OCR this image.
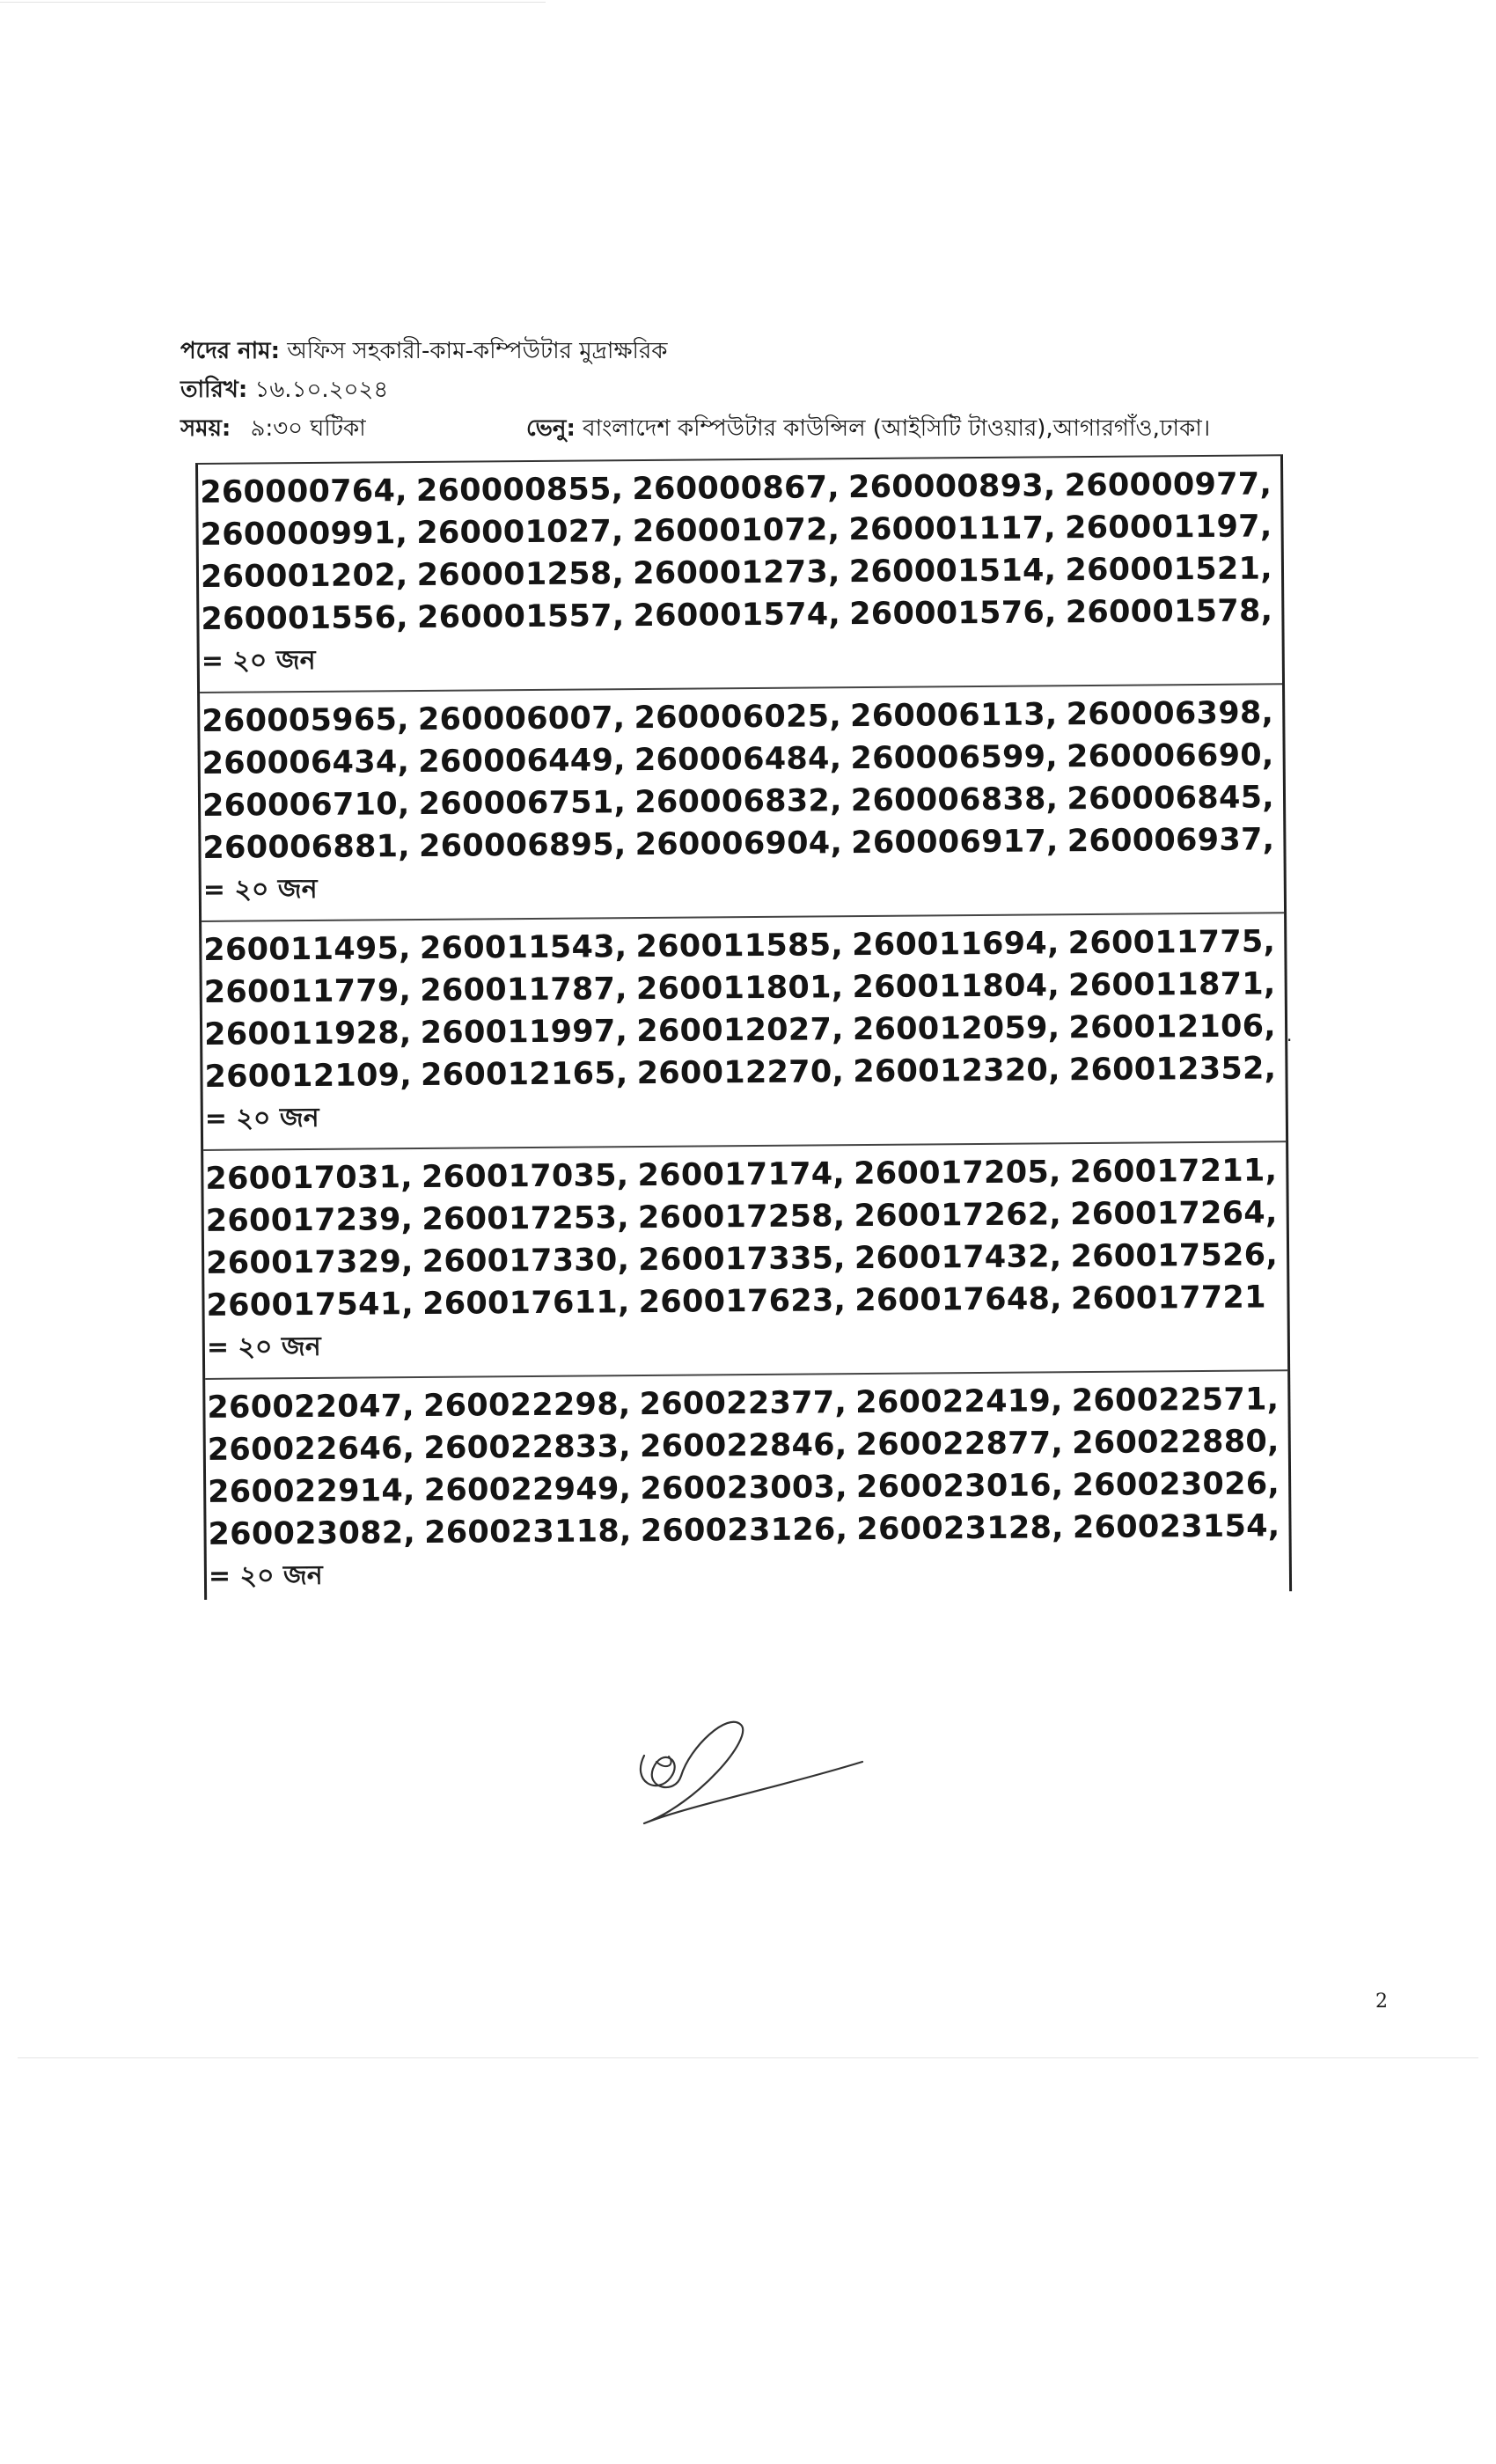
পদের নাম: অফিস সহকারী-কাম-কম্পিউটার মুদ্রাক্ষরিক
তারিখ: ১৬.১০.২০২৪
সময়: ৯:৩০ ঘটিকা	ভেনু: বাংলাদেশ কম্পিউটার কাউন্সিল (আইসিটি টাওয়ার),আগারগাঁও,ঢাকা।
260000764, 260000855, 260000867, 260000893, 260000977,
260000991, 260001027, 260001072, 260001117, 260001197,
260001202, 260001258, 260001273, 260001514, 260001521,
260001556, 260001557, 260001574, 260001576, 260001578,
= ২০ জন
260005965, 260006007, 260006025, 260006113, 260006398,
260006434, 260006449, 260006484, 260006599, 260006690,
260006710, 260006751, 260006832, 260006838, 260006845,
260006881, 260006895, 260006904, 260006917, 260006937,
= ২০ জন
260011495, 260011543, 260011585, 260011694, 260011775,
260011779, 260011787, 260011801, 260011804, 260011871,
260011928, 260011997, 260012027, 260012059, 260012106,
260012109, 260012165, 260012270, 260012320, 260012352,
= ২০ জন
260017031, 260017035, 260017174, 260017205, 260017211,
260017239, 260017253, 260017258, 260017262, 260017264,
260017329, 260017330, 260017335, 260017432, 260017526,
260017541, 260017611, 260017623, 260017648, 260017721
= ২০ জন
260022047, 260022298, 260022377, 260022419, 260022571,
260022646, 260022833, 260022846, 260022877, 260022880,
260022914, 260022949, 260023003, 260023016, 260023026,
260023082, 260023118, 260023126, 260023128, 260023154,
= ২০ জন
·
2
